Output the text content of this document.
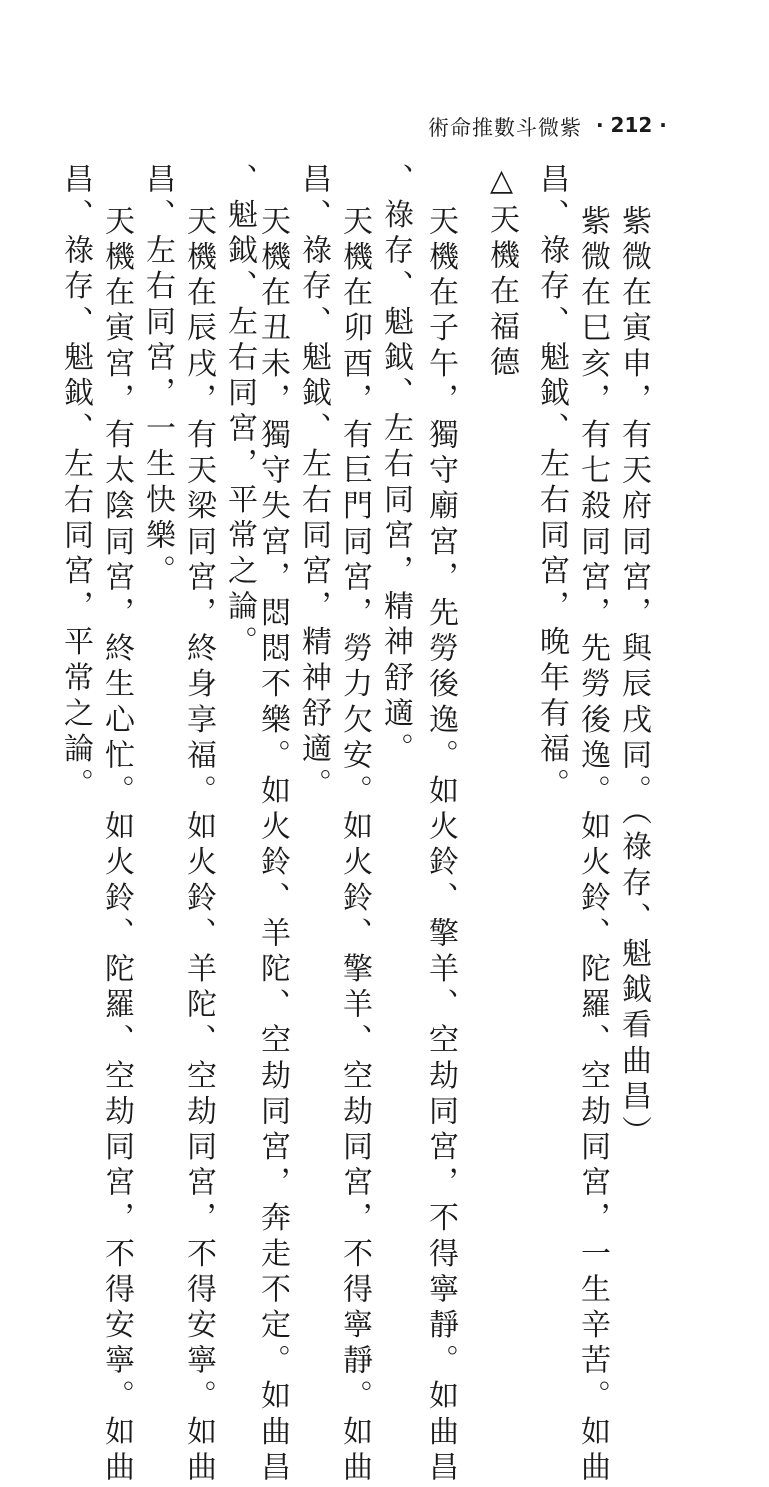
術命推數斗微紫 · 212 ·
紫微在寅申，有天府同宮，與辰戌同。（祿存、魁鉞看曲昌）
紫微在巳亥，有七殺同宮，先勞後逸。如火鈴、陀羅、空劫同宮，一生辛苦。如曲
昌、祿存、魁鉞、左右同宮，晚年有福。
△天機在福德
天機在子午，獨守廟宮，先勞後逸。如火鈴、擎羊、空劫同宮，不得寧靜。如曲昌
、祿存、魁鉞、左右同宮，精神舒適。
天機在卯酉，有巨門同宮，勞力欠安。如火鈴、擎羊、空劫同宮，不得寧靜。如曲
昌、祿存、魁鉞、左右同宮，精神舒適。
天機在丑未，獨守失宮，悶悶不樂。如火鈴、羊陀、空劫同宮，奔走不定。如曲昌
、魁鉞、左右同宮，平常之論。
天機在辰戌，有天梁同宮，終身享福。如火鈴、羊陀、空劫同宮，不得安寧。如曲
昌、左右同宮，一生快樂。
天機在寅宮，有太陰同宮，終生心忙。如火鈴、陀羅、空劫同宮，不得安寧。如曲
昌、祿存、魁鉞、左右同宮，平常之論。
